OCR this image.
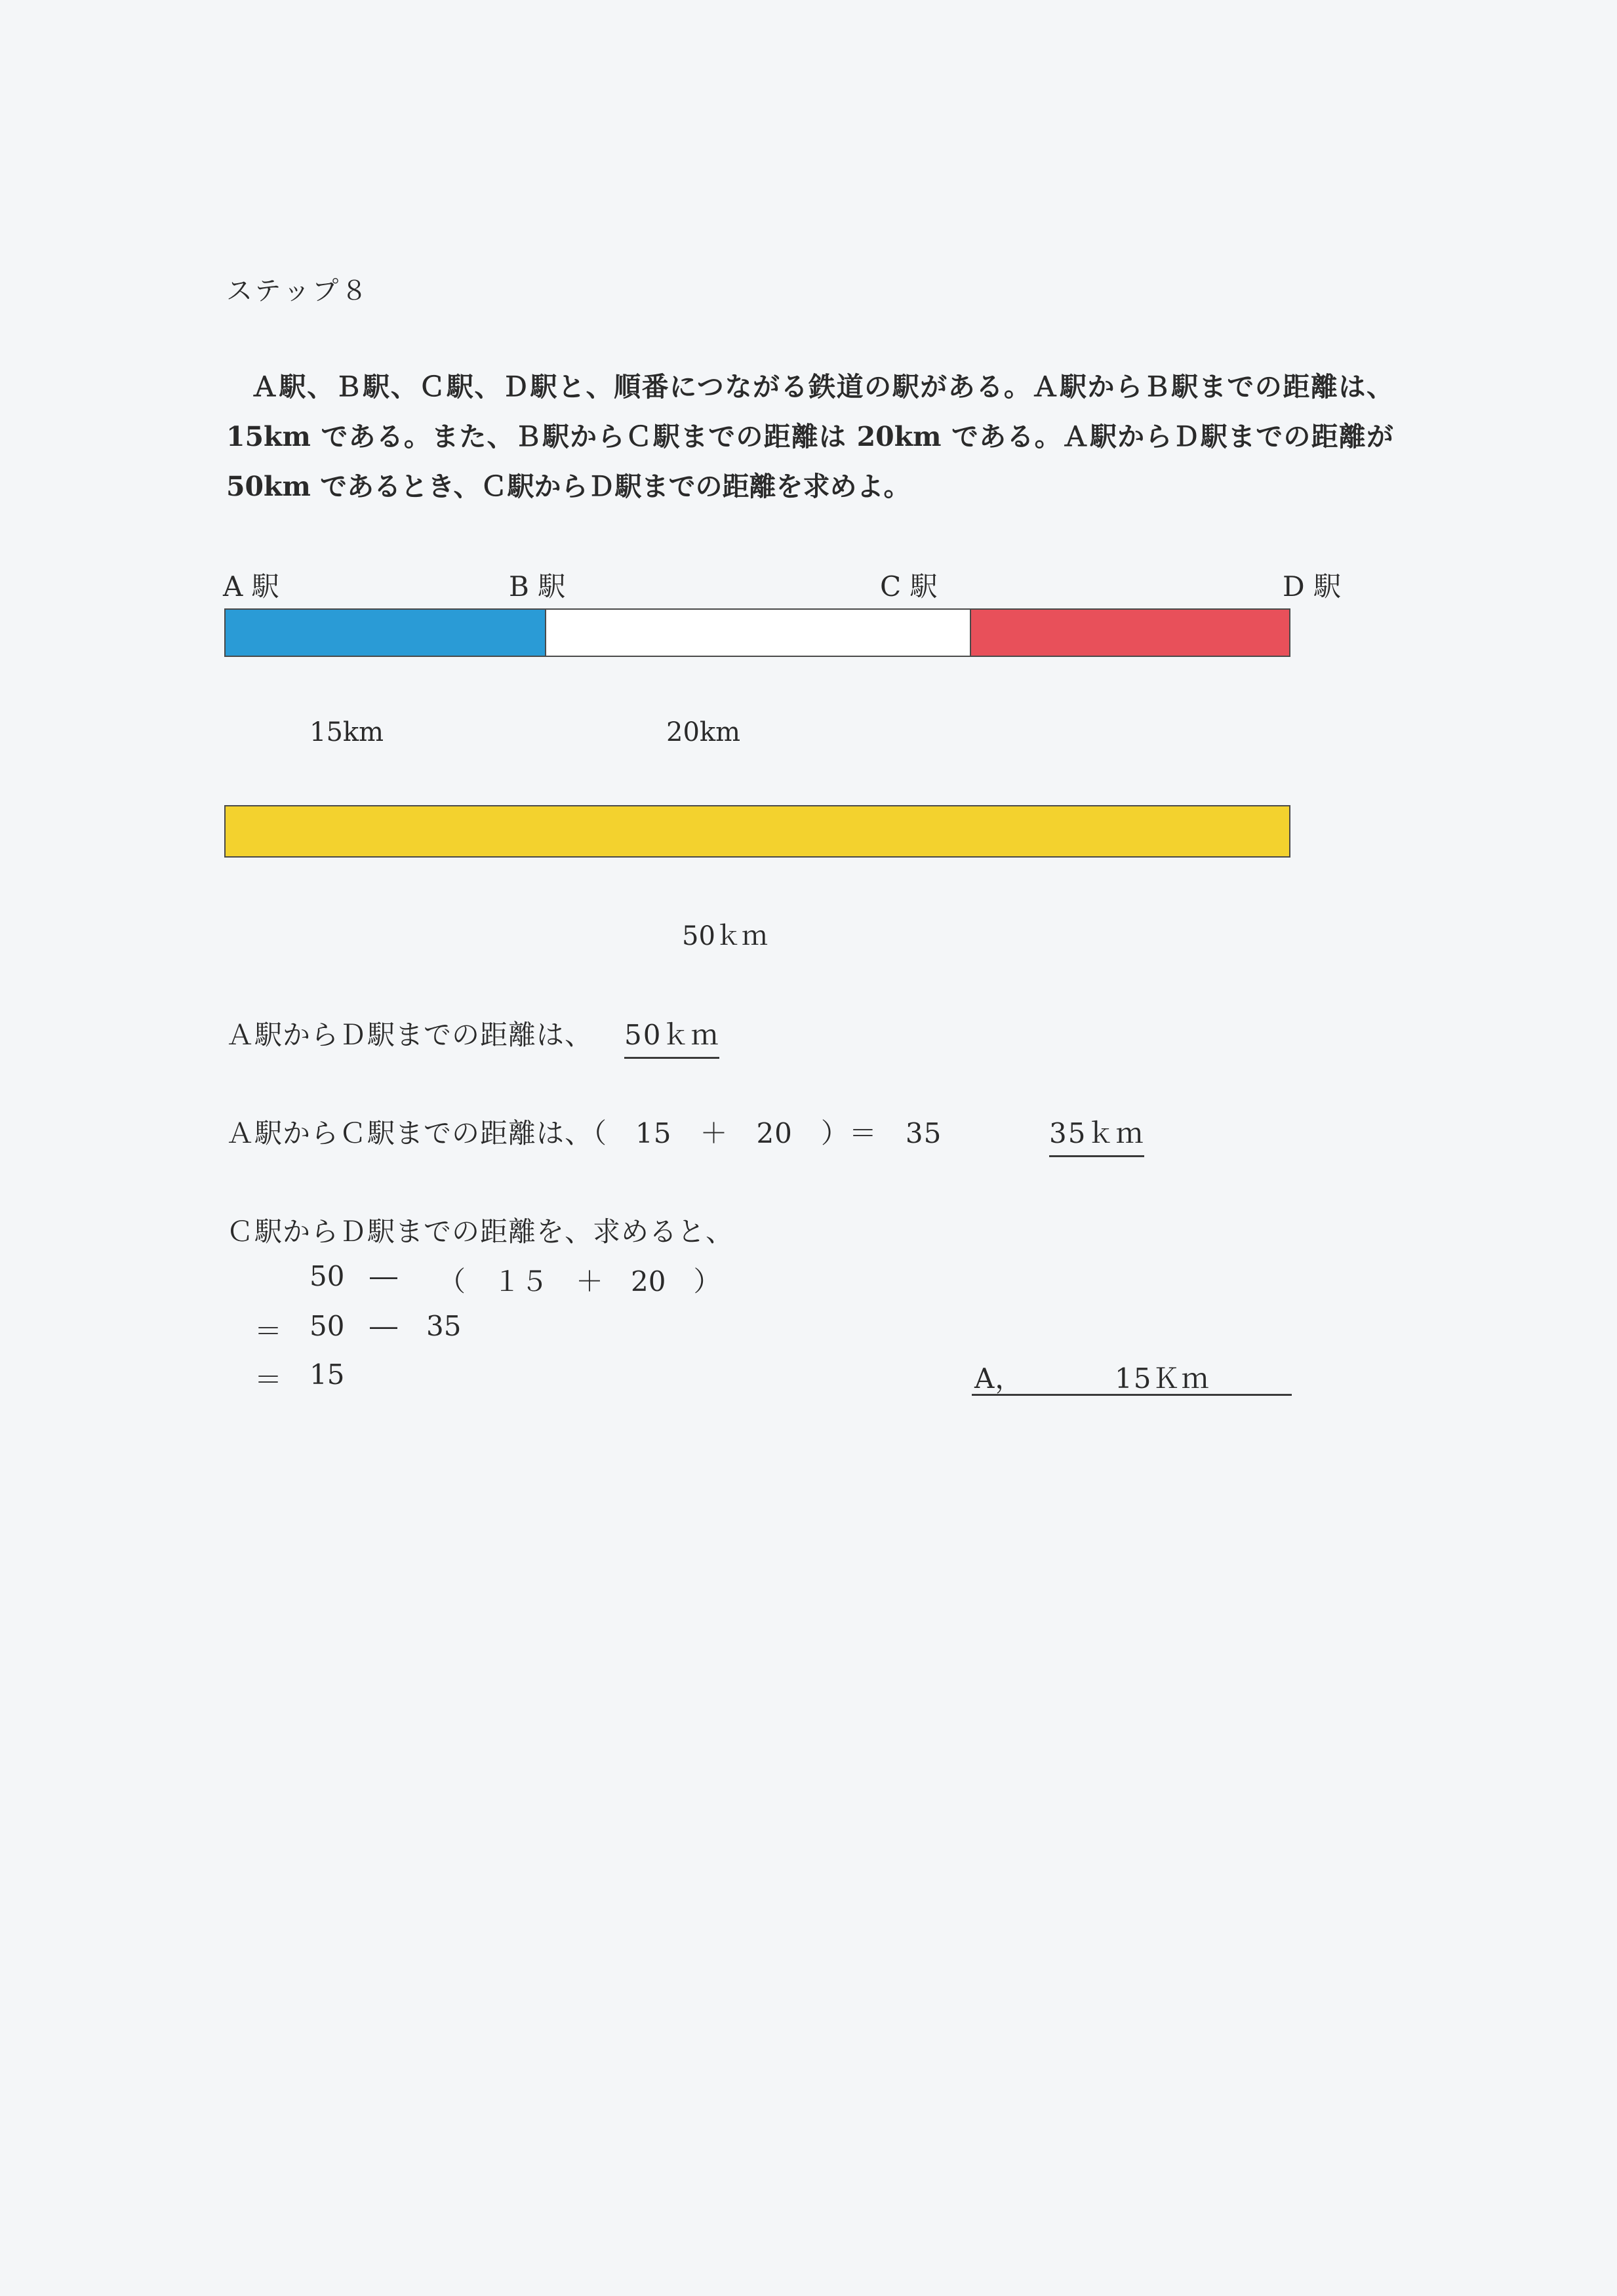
ステップ８
Ａ駅、Ｂ駅、Ｃ駅、Ｄ駅と、順番につながる鉄道の駅がある。Ａ駅からＢ駅までの距離は、15km である。また、Ｂ駅からＣ駅までの距離は 20km である。Ａ駅からＤ駅までの距離が 50km であるとき、Ｃ駅からＤ駅までの距離を求めよ。
A 駅	B 駅	C 駅	D 駅
15km	20km
50ｋｍ
Ａ駅からＤ駅までの距離は、 50ｋｍ
Ａ駅からＣ駅までの距離は、（　15　＋　20　）＝　35	35ｋｍ
Ｃ駅からＤ駅までの距離を、求めると、
＝
＝
50 ― （　１５　＋　20　）
50 ― 35
15	A，	15Ｋｍ
